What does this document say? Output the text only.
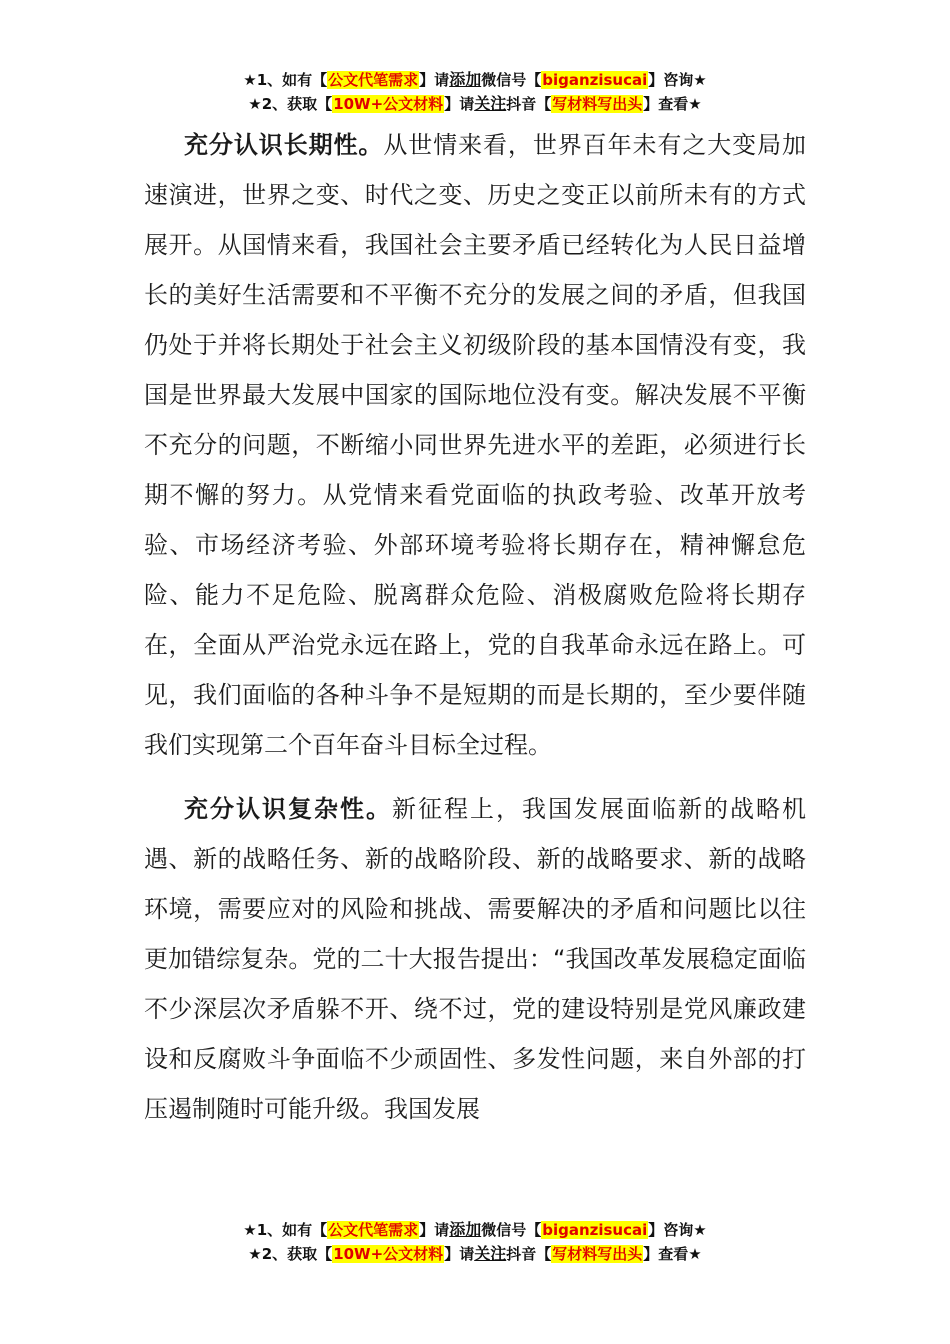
★1、如有【公文代笔需求】请添加微信号【biganzisucai】咨询★
★2、获取【10W+公文材料】请关注抖音【写材料写出头】查看★

充分认识长期性。从世情来看，世界百年未有之大变局加速演进，世界之变、时代之变、历史之变正以前所未有的方式展开。从国情来看，我国社会主要矛盾已经转化为人民日益增长的美好生活需要和不平衡不充分的发展之间的矛盾，但我国仍处于并将长期处于社会主义初级阶段的基本国情没有变，我国是世界最大发展中国家的国际地位没有变。解决发展不平衡不充分的问题，不断缩小同世界先进水平的差距，必须进行长期不懈的努力。从党情来看党面临的执政考验、改革开放考验、市场经济考验、外部环境考验将长期存在，精神懈怠危险、能力不足危险、脱离群众危险、消极腐败危险将长期存在，全面从严治党永远在路上，党的自我革命永远在路上。可见，我们面临的各种斗争不是短期的而是长期的，至少要伴随我们实现第二个百年奋斗目标全过程。

充分认识复杂性。新征程上，我国发展面临新的战略机遇、新的战略任务、新的战略阶段、新的战略要求、新的战略环境，需要应对的风险和挑战、需要解决的矛盾和问题比以往更加错综复杂。党的二十大报告提出：“我国改革发展稳定面临不少深层次矛盾躲不开、绕不过，党的建设特别是党风廉政建设和反腐败斗争面临不少顽固性、多发性问题，来自外部的打压遏制随时可能升级。我国发展

★1、如有【公文代笔需求】请添加微信号【biganzisucai】咨询★
★2、获取【10W+公文材料】请关注抖音【写材料写出头】查看★
